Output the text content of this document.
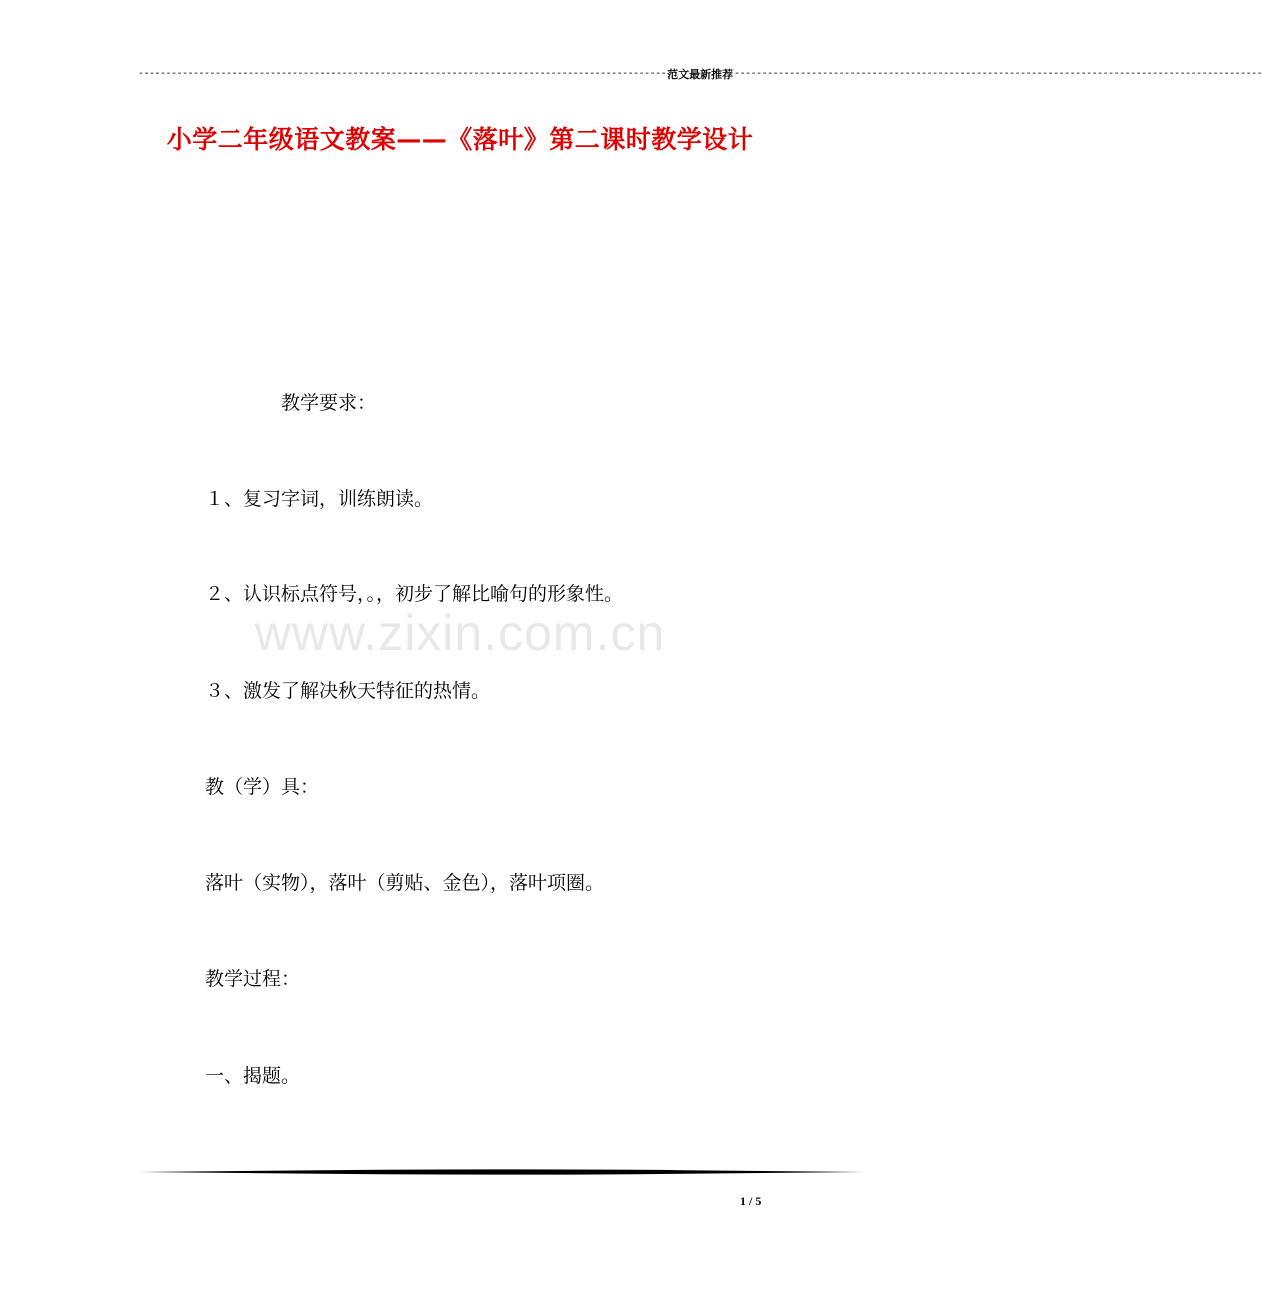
------------------------------------------------------------------------------------------------ 范文最新推荐 ------------------------------------------------------------------------------------------------
小学二年级语文教案——《落叶》第二课时教学设计
教学要求：
１、复习字词，训练朗读。
２、认识标点符号，。，初步了解比喻句的形象性。
３、激发了解决秋天特征的热情。
教（学）具：
落叶（实物），落叶（剪贴、金色），落叶项圈。
教学过程：
一、揭题。
www.zixin.com.cn
1 / 5
